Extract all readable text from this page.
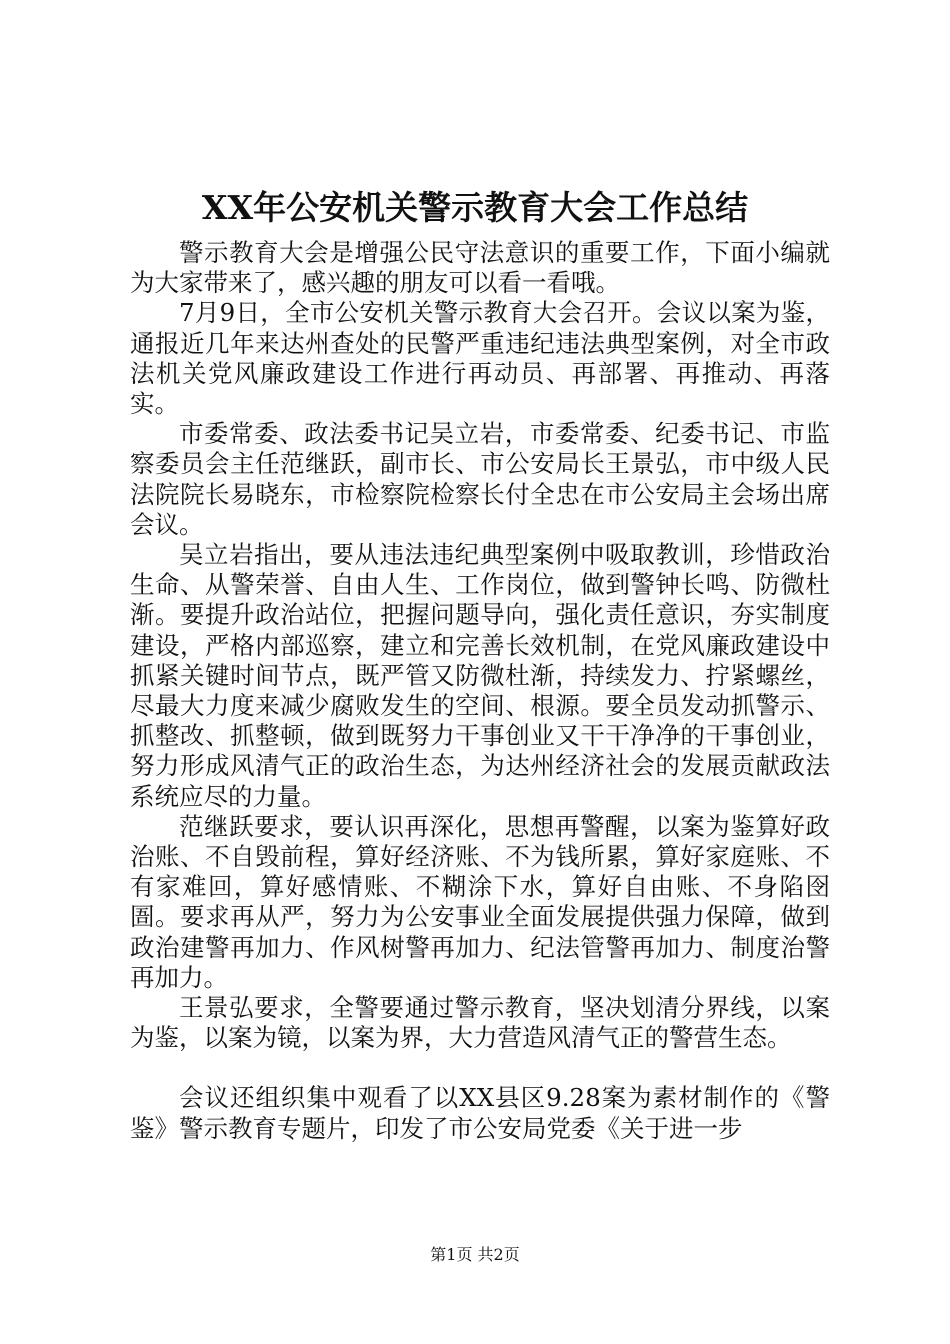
XX年公安机关警示教育大会工作总结

警示教育大会是增强公民守法意识的重要工作，下面小编就为大家带来了，感兴趣的朋友可以看一看哦。

7月9日，全市公安机关警示教育大会召开。会议以案为鉴，通报近几年来达州查处的民警严重违纪违法典型案例，对全市政法机关党风廉政建设工作进行再动员、再部署、再推动、再落实。

市委常委、政法委书记吴立岩，市委常委、纪委书记、市监察委员会主任范继跃，副市长、市公安局长王景弘，市中级人民法院院长易晓东，市检察院检察长付全忠在市公安局主会场出席会议。

吴立岩指出，要从违法违纪典型案例中吸取教训，珍惜政治生命、从警荣誉、自由人生、工作岗位，做到警钟长鸣、防微杜渐。要提升政治站位，把握问题导向，强化责任意识，夯实制度建设，严格内部巡察，建立和完善长效机制，在党风廉政建设中抓紧关键时间节点，既严管又防微杜渐，持续发力、拧紧螺丝，尽最大力度来减少腐败发生的空间、根源。要全员发动抓警示、抓整改、抓整顿，做到既努力干事创业又干干净净的干事创业，努力形成风清气正的政治生态，为达州经济社会的发展贡献政法系统应尽的力量。

范继跃要求，要认识再深化，思想再警醒，以案为鉴算好政治账、不自毁前程，算好经济账、不为钱所累，算好家庭账、不有家难回，算好感情账、不糊涂下水，算好自由账、不身陷囹圄。要求再从严，努力为公安事业全面发展提供强力保障，做到政治建警再加力、作风树警再加力、纪法管警再加力、制度治警再加力。

王景弘要求，全警要通过警示教育，坚决划清分界线，以案为鉴，以案为镜，以案为界，大力营造风清气正的警营生态。

会议还组织集中观看了以XX县区9.28案为素材制作的《警鉴》警示教育专题片，印发了市公安局党委《关于进一步

第1页 共2页
